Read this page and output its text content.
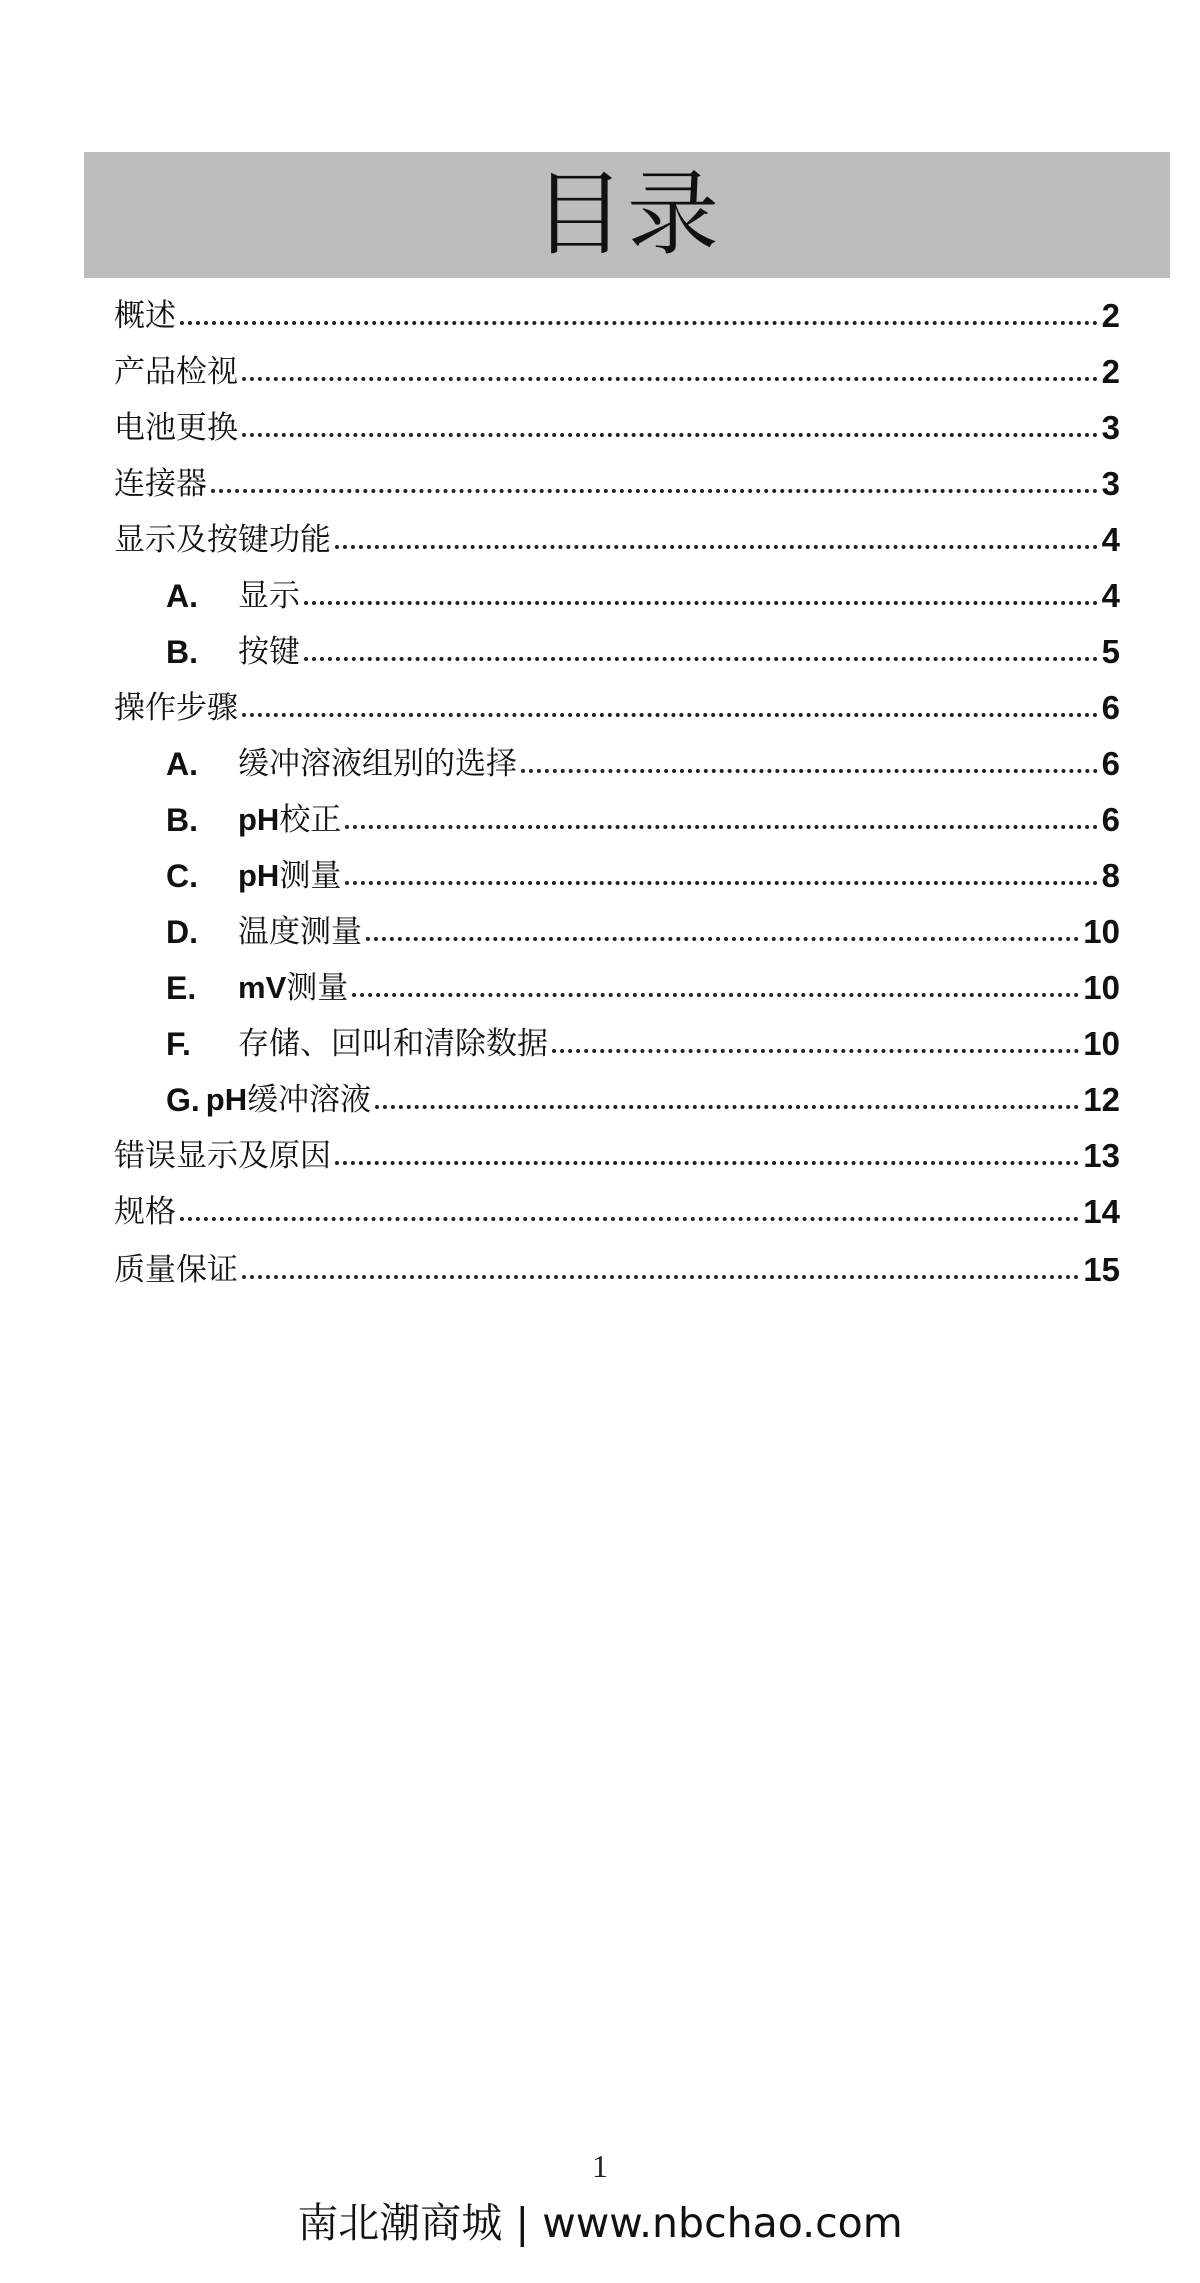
目录
概述	2
产品检视	2
电池更换	3
连接器	3
显示及按键功能	4
A.	显示	4
B.	按键	5
操作步骤	6
A.	缓冲溶液组别的选择	6
B.	pH校正	6
C.	pH测量	8
D.	温度测量	10
E.	mV测量	10
F.	存储、回叫和清除数据	10
G. pH缓冲溶液	12
错误显示及原因	13
规格	14
质量保证	15
1
南北潮商城 | www.nbchao.com
